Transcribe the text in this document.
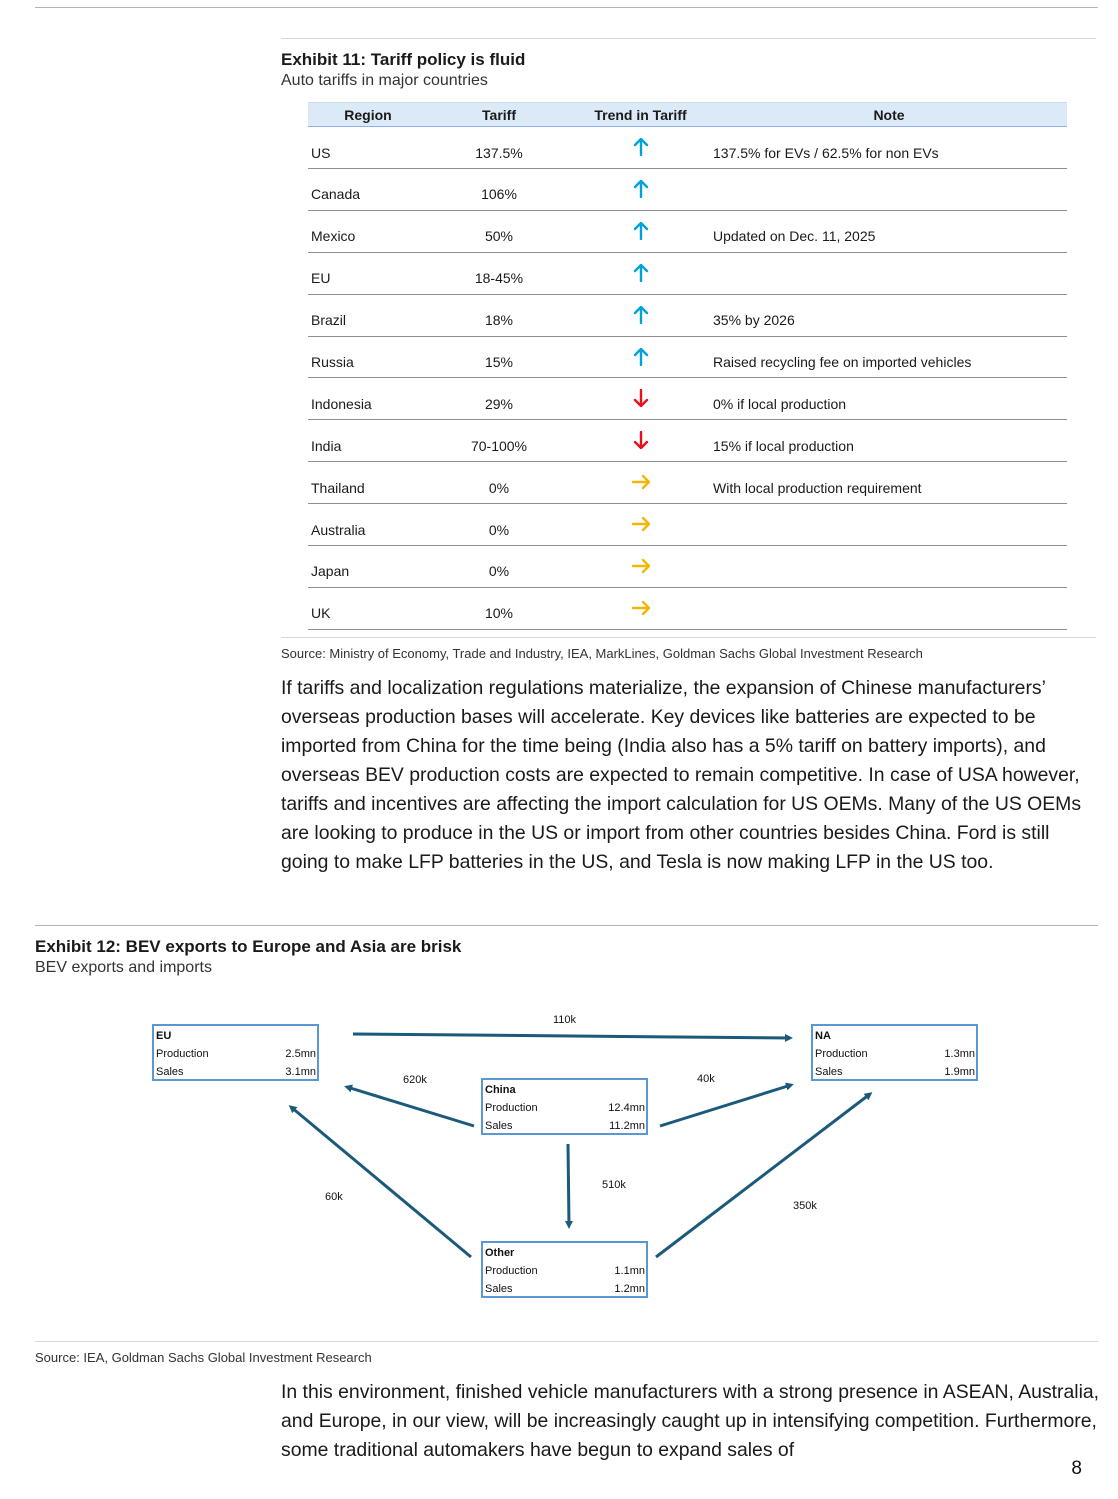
Exhibit 11: Tariff policy is fluid
Auto tariffs in major countries
Region	Tariff	Trend in Tariff	Note
US	137.5%		137.5% for EVs / 62.5% for non EVs
Canada	106%		
Mexico	50%		Updated on Dec. 11, 2025
EU	18-45%		
Brazil	18%		35% by 2026
Russia	15%		Raised recycling fee on imported vehicles
Indonesia	29%		0% if local production
India	70-100%		15% if local production
Thailand	0%		With local production requirement
Australia	0%		
Japan	0%		
UK	10%		
Source: Ministry of Economy, Trade and Industry, IEA, MarkLines, Goldman Sachs Global Investment Research
If tariffs and localization regulations materialize, the expansion of Chinese manufacturers’ overseas production bases will accelerate. Key devices like batteries are expected to be imported from China for the time being (India also has a 5% tariff on battery imports), and overseas BEV production costs are expected to remain competitive. In case of USA however, tariffs and incentives are affecting the import calculation for US OEMs. Many of the US OEMs are looking to produce in the US or import from other countries besides China. Ford is still going to make LFP batteries in the US, and Tesla is now making LFP in the US too.
Exhibit 12: BEV exports to Europe and Asia are brisk
BEV exports and imports
110k
620k	40k
510k
60k
350k
EU
Production	2.5mn
Sales	3.1mn
NA
Production	1.3mn
Sales	1.9mn
China
Production	12.4mn
Sales	11.2mn
Other
Production	1.1mn
Sales	1.2mn
Source: IEA, Goldman Sachs Global Investment Research
In this environment, finished vehicle manufacturers with a strong presence in ASEAN, Australia, and Europe, in our view, will be increasingly caught up in intensifying competition. Furthermore, some traditional automakers have begun to expand sales of
8
